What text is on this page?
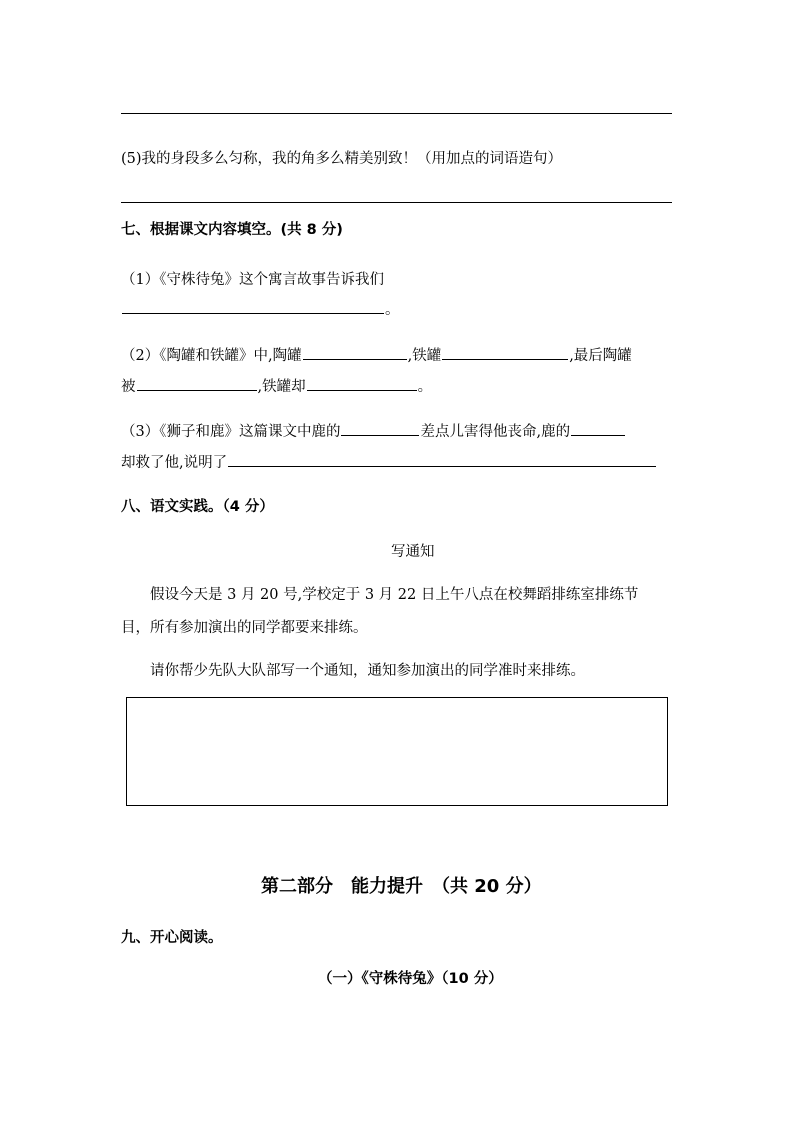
(5)我的身段多么匀称，我的角多么精美别致！（用加点的词语造句）
七、根据课文内容填空。(共 8 分)
（1）《守株待兔》这个寓言故事告诉我们
。
（2）《陶罐和铁罐》中,陶罐	,铁罐	,最后陶罐
被	,铁罐却	。
（3）《狮子和鹿》这篇课文中鹿的	差点儿害得他丧命,鹿的
却救了他,说明了
八、语文实践。（4 分）
写通知
假设今天是 3 月 20 号,学校定于 3 月 22 日上午八点在校舞蹈排练室排练节
目，所有参加演出的同学都要来排练。
请你帮少先队大队部写一个通知，通知参加演出的同学准时来排练。
第二部分　能力提升　（共 20 分）
九、开心阅读。
（一）《守株待兔》（10 分）
